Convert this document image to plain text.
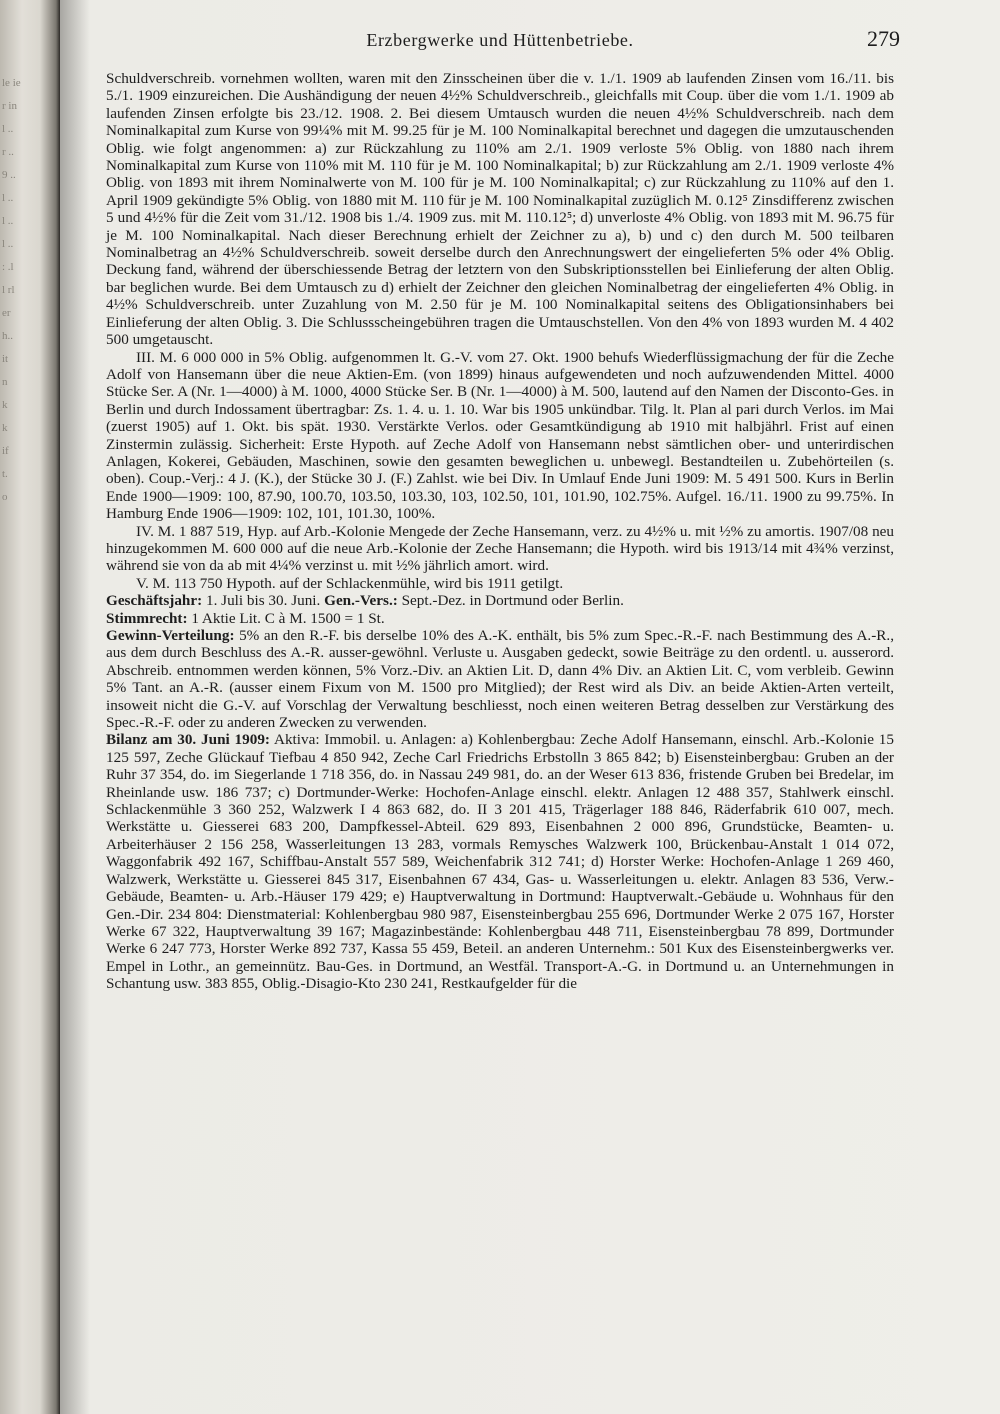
le ie
r in
l ..
r ..
9 ..
l ..
l ..
l ..
: .l
l rl
er
h..
it
n
k
k
if
t.
o
Erzbergwerke und Hüttenbetriebe.	279

Schuldverschreib. vornehmen wollten, waren mit den Zinsscheinen über die v. 1./1. 1909 ab laufenden Zinsen vom 16./11. bis 5./1. 1909 einzureichen. Die Aushändigung der neuen 4½% Schuldverschreib., gleichfalls mit Coup. über die vom 1./1. 1909 ab laufenden Zinsen erfolgte bis 23./12. 1908. 2. Bei diesem Umtausch wurden die neuen 4½% Schuldverschreib. nach dem Nominalkapital zum Kurse von 99¼% mit M. 99.25 für je M. 100 Nominalkapital berechnet und dagegen die umzutauschenden Oblig. wie folgt angenommen: a) zur Rückzahlung zu 110% am 2./1. 1909 verloste 5% Oblig. von 1880 nach ihrem Nominalkapital zum Kurse von 110% mit M. 110 für je M. 100 Nominalkapital; b) zur Rückzahlung am 2./1. 1909 verloste 4% Oblig. von 1893 mit ihrem Nominalwerte von M. 100 für je M. 100 Nominalkapital; c) zur Rückzahlung zu 110% auf den 1. April 1909 gekündigte 5% Oblig. von 1880 mit M. 110 für je M. 100 Nominalkapital zuzüglich M. 0.12⁵ Zinsdifferenz zwischen 5 und 4½% für die Zeit vom 31./12. 1908 bis 1./4. 1909 zus. mit M. 110.12⁵; d) unverloste 4% Oblig. von 1893 mit M. 96.75 für je M. 100 Nominalkapital. Nach dieser Berechnung erhielt der Zeichner zu a), b) und c) den durch M. 500 teilbaren Nominalbetrag an 4½% Schuldverschreib. soweit derselbe durch den Anrechnungswert der eingelieferten 5% oder 4% Oblig. Deckung fand, während der überschiessende Betrag der letztern von den Subskriptionsstellen bei Einlieferung der alten Oblig. bar beglichen wurde. Bei dem Umtausch zu d) erhielt der Zeichner den gleichen Nominalbetrag der eingelieferten 4% Oblig. in 4½% Schuldverschreib. unter Zuzahlung von M. 2.50 für je M. 100 Nominalkapital seitens des Obligationsinhabers bei Einlieferung der alten Oblig. 3. Die Schlussscheingebühren tragen die Umtauschstellen. Von den 4% von 1893 wurden M. 4 402 500 umgetauscht.

III. M. 6 000 000 in 5% Oblig. aufgenommen lt. G.-V. vom 27. Okt. 1900 behufs Wiederflüssigmachung der für die Zeche Adolf von Hansemann über die neue Aktien-Em. (von 1899) hinaus aufgewendeten und noch aufzuwendenden Mittel. 4000 Stücke Ser. A (Nr. 1—4000) à M. 1000, 4000 Stücke Ser. B (Nr. 1—4000) à M. 500, lautend auf den Namen der Disconto-Ges. in Berlin und durch Indossament übertragbar: Zs. 1. 4. u. 1. 10. War bis 1905 unkündbar. Tilg. lt. Plan al pari durch Verlos. im Mai (zuerst 1905) auf 1. Okt. bis spät. 1930. Verstärkte Verlos. oder Gesamtkündigung ab 1910 mit halbjährl. Frist auf einen Zinstermin zulässig. Sicherheit: Erste Hypoth. auf Zeche Adolf von Hansemann nebst sämtlichen ober- und unterirdischen Anlagen, Kokerei, Gebäuden, Maschinen, sowie den gesamten beweglichen u. unbewegl. Bestandteilen u. Zubehörteilen (s. oben). Coup.-Verj.: 4 J. (K.), der Stücke 30 J. (F.) Zahlst. wie bei Div. In Umlauf Ende Juni 1909: M. 5 491 500. Kurs in Berlin Ende 1900—1909: 100, 87.90, 100.70, 103.50, 103.30, 103, 102.50, 101, 101.90, 102.75%. Aufgel. 16./11. 1900 zu 99.75%. In Hamburg Ende 1906—1909: 102, 101, 101.30, 100%.

IV. M. 1 887 519, Hyp. auf Arb.-Kolonie Mengede der Zeche Hansemann, verz. zu 4½% u. mit ½% zu amortis. 1907/08 neu hinzugekommen M. 600 000 auf die neue Arb.-Kolonie der Zeche Hansemann; die Hypoth. wird bis 1913/14 mit 4¾% verzinst, während sie von da ab mit 4¼% verzinst u. mit ½% jährlich amort. wird.

V. M. 113 750 Hypoth. auf der Schlackenmühle, wird bis 1911 getilgt.

Geschäftsjahr: 1. Juli bis 30. Juni. Gen.-Vers.: Sept.-Dez. in Dortmund oder Berlin.

Stimmrecht: 1 Aktie Lit. C à M. 1500 = 1 St.

Gewinn-Verteilung: 5% an den R.-F. bis derselbe 10% des A.-K. enthält, bis 5% zum Spec.-R.-F. nach Bestimmung des A.-R., aus dem durch Beschluss des A.-R. ausser-gewöhnl. Verluste u. Ausgaben gedeckt, sowie Beiträge zu den ordentl. u. ausserord. Abschreib. entnommen werden können, 5% Vorz.-Div. an Aktien Lit. D, dann 4% Div. an Aktien Lit. C, vom verbleib. Gewinn 5% Tant. an A.-R. (ausser einem Fixum von M. 1500 pro Mitglied); der Rest wird als Div. an beide Aktien-Arten verteilt, insoweit nicht die G.-V. auf Vorschlag der Verwaltung beschliesst, noch einen weiteren Betrag desselben zur Verstärkung des Spec.-R.-F. oder zu anderen Zwecken zu verwenden.

Bilanz am 30. Juni 1909: Aktiva: Immobil. u. Anlagen: a) Kohlenbergbau: Zeche Adolf Hansemann, einschl. Arb.-Kolonie 15 125 597, Zeche Glückauf Tiefbau 4 850 942, Zeche Carl Friedrichs Erbstolln 3 865 842; b) Eisensteinbergbau: Gruben an der Ruhr 37 354, do. im Siegerlande 1 718 356, do. in Nassau 249 981, do. an der Weser 613 836, fristende Gruben bei Bredelar, im Rheinlande usw. 186 737; c) Dortmunder-Werke: Hochofen-Anlage einschl. elektr. Anlagen 12 488 357, Stahlwerk einschl. Schlackenmühle 3 360 252, Walzwerk I 4 863 682, do. II 3 201 415, Trägerlager 188 846, Räderfabrik 610 007, mech. Werkstätte u. Giesserei 683 200, Dampfkessel-Abteil. 629 893, Eisenbahnen 2 000 896, Grundstücke, Beamten- u. Arbeiterhäuser 2 156 258, Wasserleitungen 13 283, vormals Remysches Walzwerk 100, Brückenbau-Anstalt 1 014 072, Waggonfabrik 492 167, Schiffbau-Anstalt 557 589, Weichenfabrik 312 741; d) Horster Werke: Hochofen-Anlage 1 269 460, Walzwerk, Werkstätte u. Giesserei 845 317, Eisenbahnen 67 434, Gas- u. Wasserleitungen u. elektr. Anlagen 83 536, Verw.-Gebäude, Beamten- u. Arb.-Häuser 179 429; e) Hauptverwaltung in Dortmund: Hauptverwalt.-Gebäude u. Wohnhaus für den Gen.-Dir. 234 804: Dienstmaterial: Kohlenbergbau 980 987, Eisensteinbergbau 255 696, Dortmunder Werke 2 075 167, Horster Werke 67 322, Hauptverwaltung 39 167; Magazinbestände: Kohlenbergbau 448 711, Eisensteinbergbau 78 899, Dortmunder Werke 6 247 773, Horster Werke 892 737, Kassa 55 459, Beteil. an anderen Unternehm.: 501 Kux des Eisensteinbergwerks ver. Empel in Lothr., an gemeinnütz. Bau-Ges. in Dortmund, an Westfäl. Transport-A.-G. in Dortmund u. an Unternehmungen in Schantung usw. 383 855, Oblig.-Disagio-Kto 230 241, Restkaufgelder für die
